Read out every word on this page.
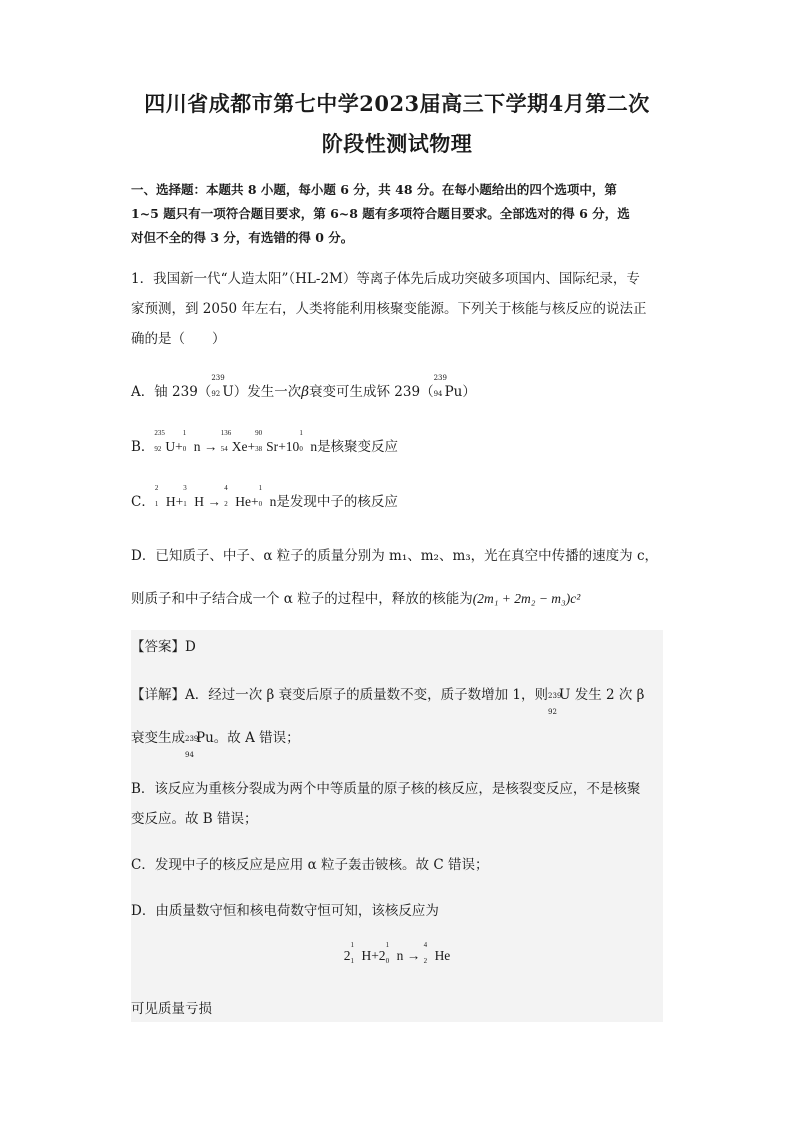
四川省成都市第七中学2023届高三下学期4月第二次
阶段性测试物理
一、选择题：本题共 8 小题，每小题 6 分，共 48 分。在每小题给出的四个选项中，第
1~5 题只有一项符合题目要求，第 6~8 题有多项符合题目要求。全部选对的得 6 分，选
对但不全的得 3 分，有选错的得 0 分。
1．我国新一代“人造太阳”（HL-2M）等离子体先后成功突破多项国内、国际纪录，专
家预测，到 2050 年左右，人类将能利用核聚变能源。下列关于核能与核反应的说法正
确的是（　　）
A．铀 239（
239
92 U）发生一次β衰变可生成钚 239（
239
94 Pu）
B．
235
92 U+
1
0 n →
136
54 Xe+
90
38 Sr+10
1
0 n是核聚变反应
C．
2
1 H+
3
1 H →
4
2 He+
1
0 n是发现中子的核反应
D．已知质子、中子、α 粒子的质量分别为 m₁、m₂、m₃，光在真空中传播的速度为 c，
则质子和中子结合成一个 α 粒子的过程中，释放的核能为(2m₁ + 2m₂ − m₃)c²
【答案】D
【详解】A．经过一次 β 衰变后原子的质量数不变，质子数增加 1，则 239
92
U 发生 2 次 β
衰变生成 239
94
Pu。故 A 错误；
B．该反应为重核分裂成为两个中等质量的原子核的核反应，是核裂变反应，不是核聚
变反应。故 B 错误；
C．发现中子的核反应是应用 α 粒子轰击铍核。故 C 错误；
D．由质量数守恒和核电荷数守恒可知，该核反应为
2
1
1 H+2
1
0 n →
4
2 He
可见质量亏损
